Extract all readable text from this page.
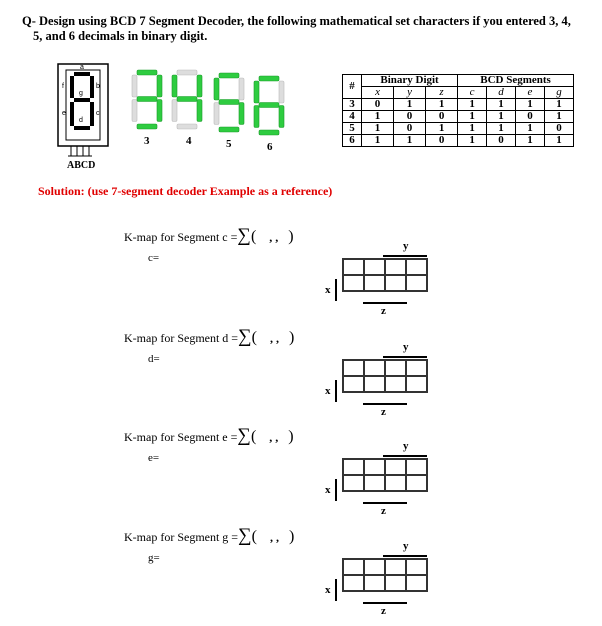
Q- Design using BCD 7 Segment Decoder, the following mathematical set characters if you entered 3, 4,
5, and 6 decimals in binary digit.
a
b
c
d
e
f
g
ABCD
3	4	5	6
#	Binary Digit			BCD Segments			
	x	y	z	c	d	e	g
3	0	1	1	1	1	1	1
4	1	0	0	1	1	0	1
5	1	0	1	1	1	1	0
6	1	1	0	1	0	1	1
Solution: (use 7-segment decoder Example as a reference)
K-map for Segment c =∑( , , )
c=
y

x
z
K-map for Segment d =∑( , , )
d=
y

x
z
K-map for Segment e =∑( , , )
e=
y

x
z
K-map for Segment g =∑( , , )
g=
y

x
z
